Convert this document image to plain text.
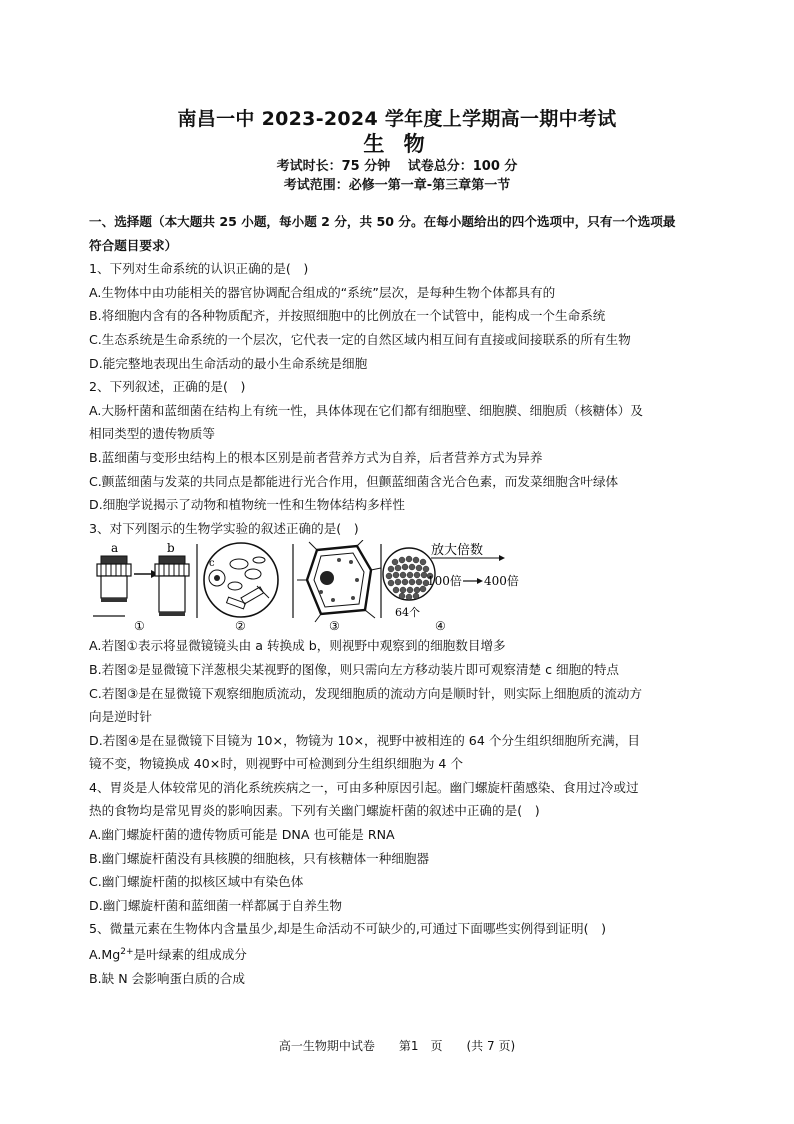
南昌一中 2023-2024 学年度上学期高一期中考试
生 物
考试时长：75 分钟　 试卷总分：100 分
考试范围：必修一第一章-第三章第一节
一、选择题（本大题共 25 小题，每小题 2 分，共 50 分。在每小题给出的四个选项中，只有一个选项最
符合题目要求）
1、下列对生命系统的认识正确的是(　)
A.生物体中由功能相关的器官协调配合组成的“系统”层次，是每种生物个体都具有的
B.将细胞内含有的各种物质配齐，并按照细胞中的比例放在一个试管中，能构成一个生命系统
C.生态系统是生命系统的一个层次，它代表一定的自然区域内相互间有直接或间接联系的所有生物
D.能完整地表现出生命活动的最小生命系统是细胞
2、下列叙述，正确的是(　)
A.大肠杆菌和蓝细菌在结构上有统一性，具体体现在它们都有细胞壁、细胞膜、细胞质（核糖体）及
相同类型的遗传物质等
B.蓝细菌与变形虫结构上的根本区别是前者营养方式为自养，后者营养方式为异养
C.颤蓝细菌与发菜的共同点是都能进行光合作用，但颤蓝细菌含光合色素，而发菜细胞含叶绿体
D.细胞学说揭示了动物和植物统一性和生物体结构多样性
3、对下列图示的生物学实验的叙述正确的是(　)
a	b
①
c
②	③
64个
放大倍数
100倍 400倍
④
A.若图①表示将显微镜镜头由 a 转换成 b，则视野中观察到的细胞数目增多
B.若图②是显微镜下洋葱根尖某视野的图像，则只需向左方移动装片即可观察清楚 c 细胞的特点
C.若图③是在显微镜下观察细胞质流动，发现细胞质的流动方向是顺时针，则实际上细胞质的流动方
向是逆时针
D.若图④是在显微镜下目镜为 10×，物镜为 10×，视野中被相连的 64 个分生组织细胞所充满，目
镜不变，物镜换成 40×时，则视野中可检测到分生组织细胞为 4 个
4、胃炎是人体较常见的消化系统疾病之一，可由多种原因引起。幽门螺旋杆菌感染、食用过冷或过
热的食物均是常见胃炎的影响因素。下列有关幽门螺旋杆菌的叙述中正确的是(　)
A.幽门螺旋杆菌的遗传物质可能是 DNA 也可能是 RNA
B.幽门螺旋杆菌没有具核膜的细胞核，只有核糖体一种细胞器
C.幽门螺旋杆菌的拟核区域中有染色体
D.幽门螺旋杆菌和蓝细菌一样都属于自养生物
5、微量元素在生物体内含量虽少,却是生命活动不可缺少的,可通过下面哪些实例得到证明(　)
$A.Mg^{2+}$是叶绿素的组成成分
B.缺 N 会影响蛋白质的合成
高一生物期中试卷　　第1　页　　(共 7 页)
